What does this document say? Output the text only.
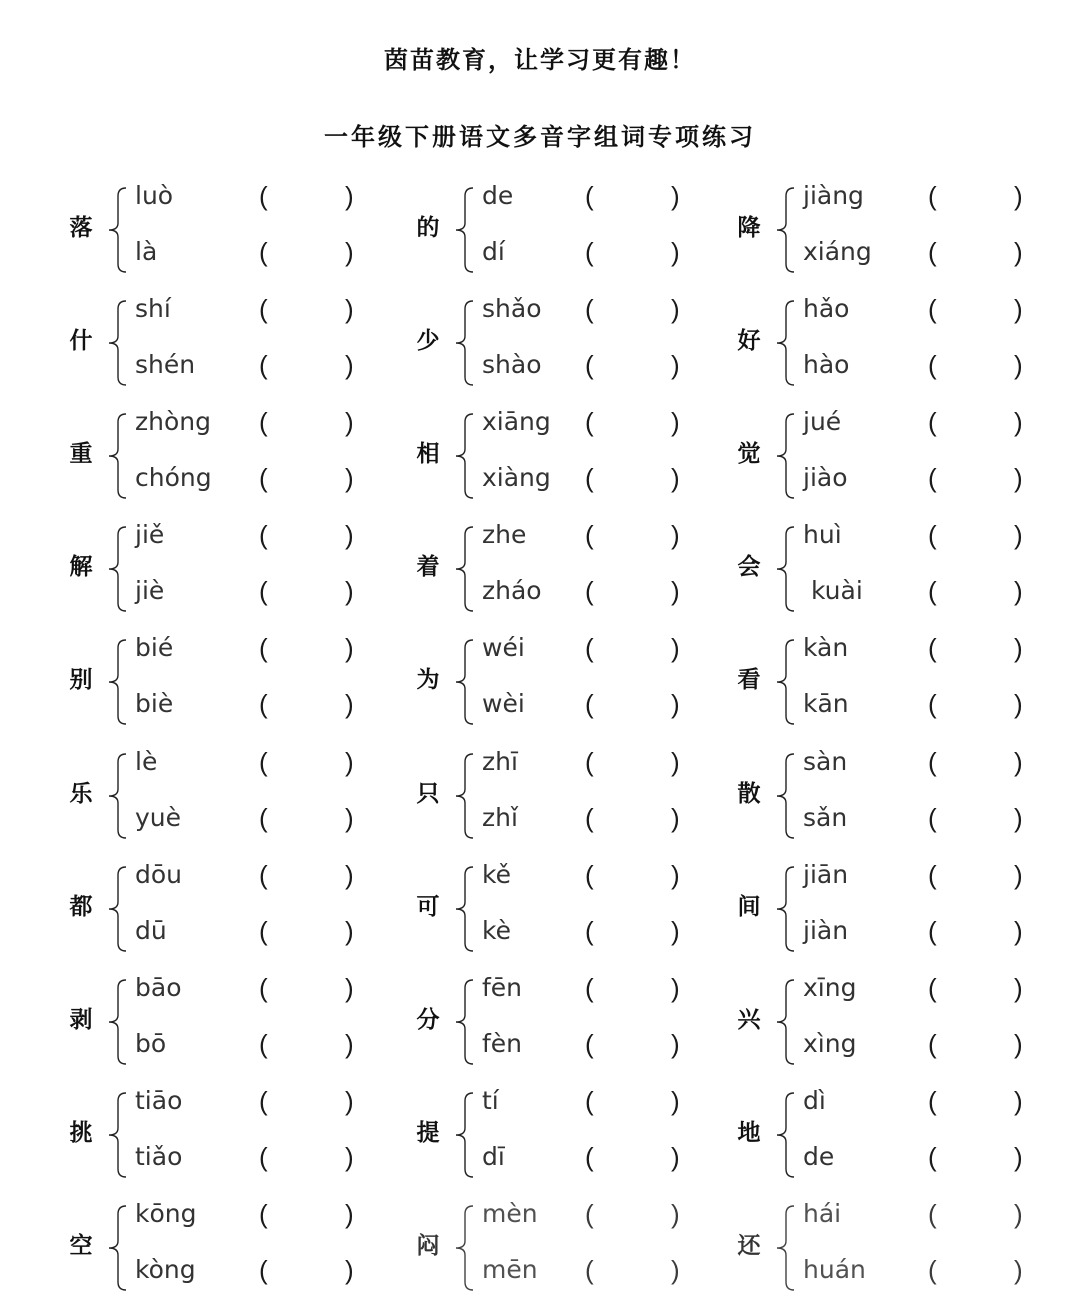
茵苗教育，让学习更有趣！
一年级下册语文多音字组词专项练习
落
luò	(	)
là	(	)
什
shí	(	)
shén (	)
重
zhòng (	)
chóng (	)
解
jiě	(	)
jiè	(	)
别
bié	(	)
biè	(	)
乐
lè	(	)
yuè	(	)
都
dōu	(	)
dū	(	)
剥
bāo	(	)
bō	(	)
挑
tiāo	(	)
tiǎo	(	)
空
kōng (	)
kòng (	)
的
de	(	)
dí	(	)
少
shǎo (	)
shào (	)
相
xiāng (	)
xiàng (	)
着
zhe (	)
zháo (	)
为
wéi (	)
wèi (	)
只
zhī	(	)
zhǐ	(	)
可
kě	(	)
kè	(	)
分
fēn (	)
fèn (	)
提
tí	(	)
dī	(	)
闷
mèn (	)
mēn (	)
降
jiàng (	)
xiáng (	)
好
hǎo	(	)
hào	(	)
觉
jué	(	)
jiào	(	)
会
huì	(	)
kuài	(	)
看
kàn	(	)
kān	(	)
散
sàn	(	)
sǎn	(	)
间
jiān	(	)
jiàn	(	)
兴
xīng	(	)
xìng	(	)
地
dì	(	)
de	(	)
还
hái	(	)
huán (	)
